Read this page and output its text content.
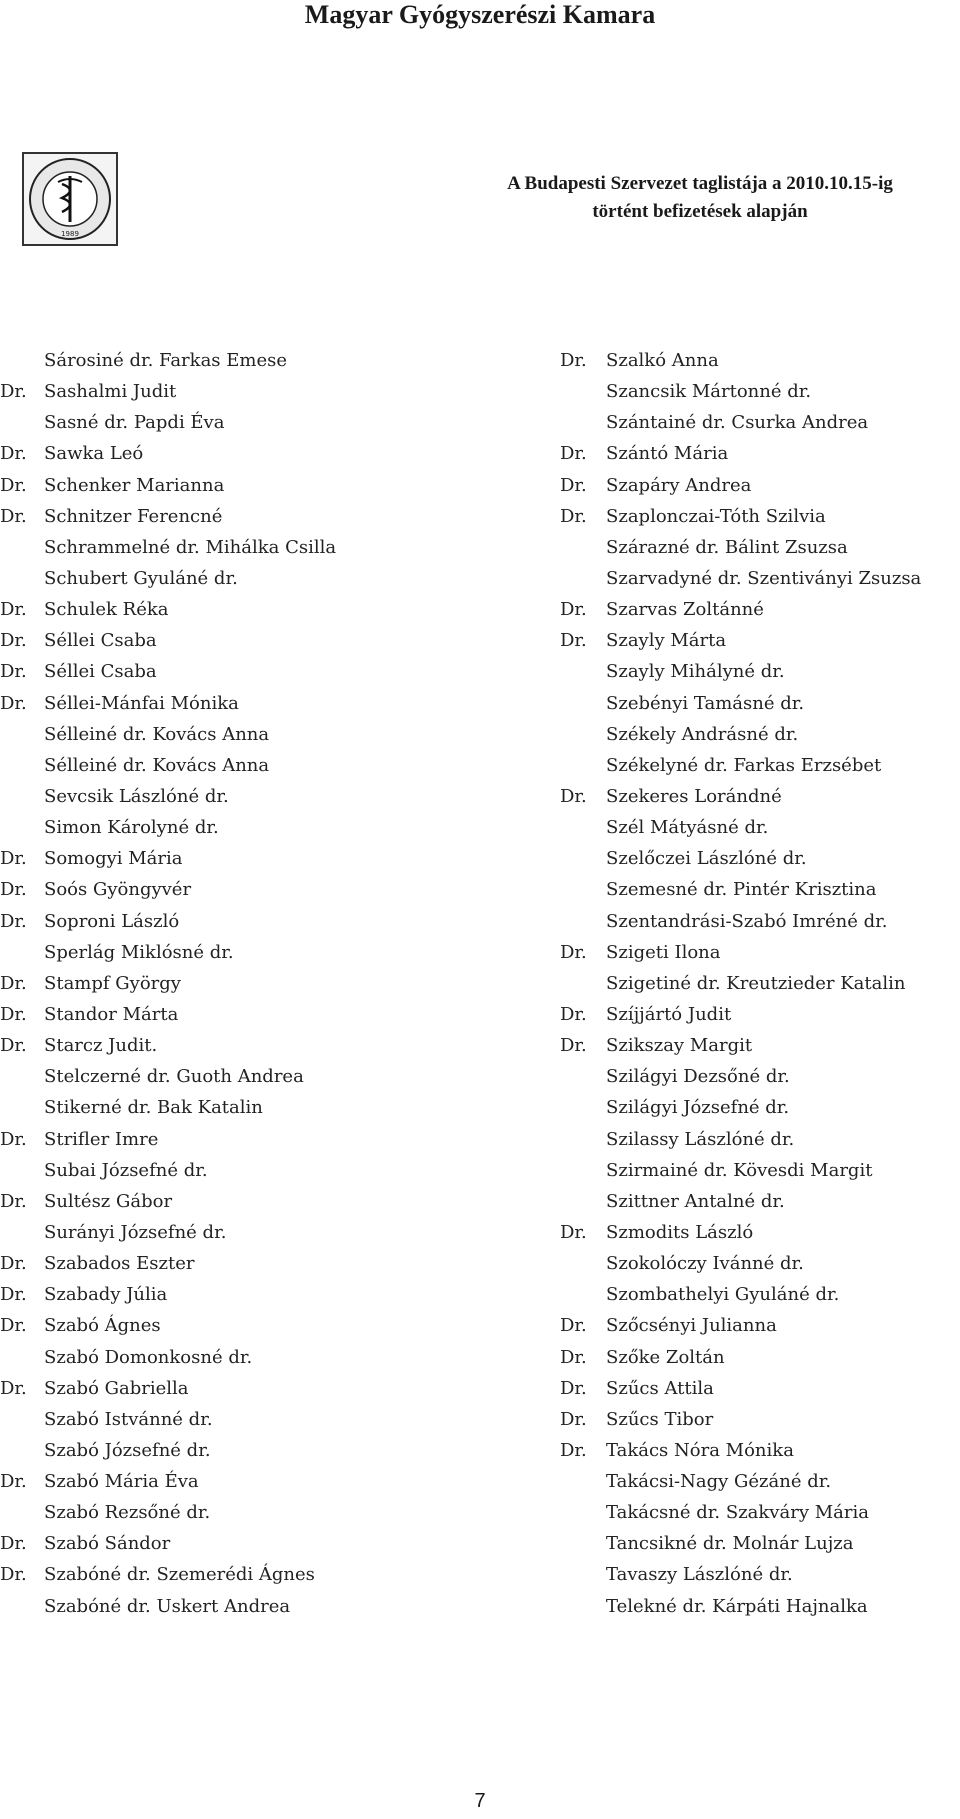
Magyar Gyógyszerészi Kamara
1989
A Budapesti Szervezet taglistája a 2010.10.15-ig
történt befizetések alapján
Sárosiné dr. Farkas Emese
Dr. Sashalmi Judit
Sasné dr. Papdi Éva
Dr. Sawka Leó
Dr. Schenker Marianna
Dr. Schnitzer Ferencné
Schrammelné dr. Mihálka Csilla
Schubert Gyuláné dr.
Dr. Schulek Réka
Dr. Séllei Csaba
Dr. Séllei Csaba
Dr. Séllei-Mánfai Mónika
Sélleiné dr. Kovács Anna
Sélleiné dr. Kovács Anna
Sevcsik Lászlóné dr.
Simon Károlyné dr.
Dr. Somogyi Mária
Dr. Soós Gyöngyvér
Dr. Soproni László
Sperlág Miklósné dr.
Dr. Stampf György
Dr. Standor Márta
Dr. Starcz Judit.
Stelczerné dr. Guoth Andrea
Stikerné dr. Bak Katalin
Dr. Strifler Imre
Subai Józsefné dr.
Dr. Sultész Gábor
Surányi Józsefné dr.
Dr. Szabados Eszter
Dr. Szabady Júlia
Dr. Szabó Ágnes
Szabó Domonkosné dr.
Dr. Szabó Gabriella
Szabó Istvánné dr.
Szabó Józsefné dr.
Dr. Szabó Mária Éva
Szabó Rezsőné dr.
Dr. Szabó Sándor
Dr. Szabóné dr. Szemerédi Ágnes
Szabóné dr. Uskert Andrea
Dr. Szalkó Anna
Szancsik Mártonné dr.
Szántainé dr. Csurka Andrea
Dr. Szántó Mária
Dr. Szapáry Andrea
Dr. Szaplonczai-Tóth Szilvia
Szárazné dr. Bálint Zsuzsa
Szarvadyné dr. Szentiványi Zsuzsa
Dr. Szarvas Zoltánné
Dr. Szayly Márta
Szayly Mihályné dr.
Szebényi Tamásné dr.
Székely Andrásné dr.
Székelyné dr. Farkas Erzsébet
Dr. Szekeres Lorándné
Szél Mátyásné dr.
Szelőczei Lászlóné dr.
Szemesné dr. Pintér Krisztina
Szentandrási-Szabó Imréné dr.
Dr. Szigeti Ilona
Szigetiné dr. Kreutzieder Katalin
Dr. Szíjjártó Judit
Dr. Szikszay Margit
Szilágyi Dezsőné dr.
Szilágyi Józsefné dr.
Szilassy Lászlóné dr.
Szirmainé dr. Kövesdi Margit
Szittner Antalné dr.
Dr. Szmodits László
Szokolóczy Ivánné dr.
Szombathelyi Gyuláné dr.
Dr. Szőcsényi Julianna
Dr. Szőke Zoltán
Dr. Szűcs Attila
Dr. Szűcs Tibor
Dr. Takács Nóra Mónika
Takácsi-Nagy Gézáné dr.
Takácsné dr. Szakváry Mária
Tancsikné dr. Molnár Lujza
Tavaszy Lászlóné dr.
Telekné dr. Kárpáti Hajnalka
7
